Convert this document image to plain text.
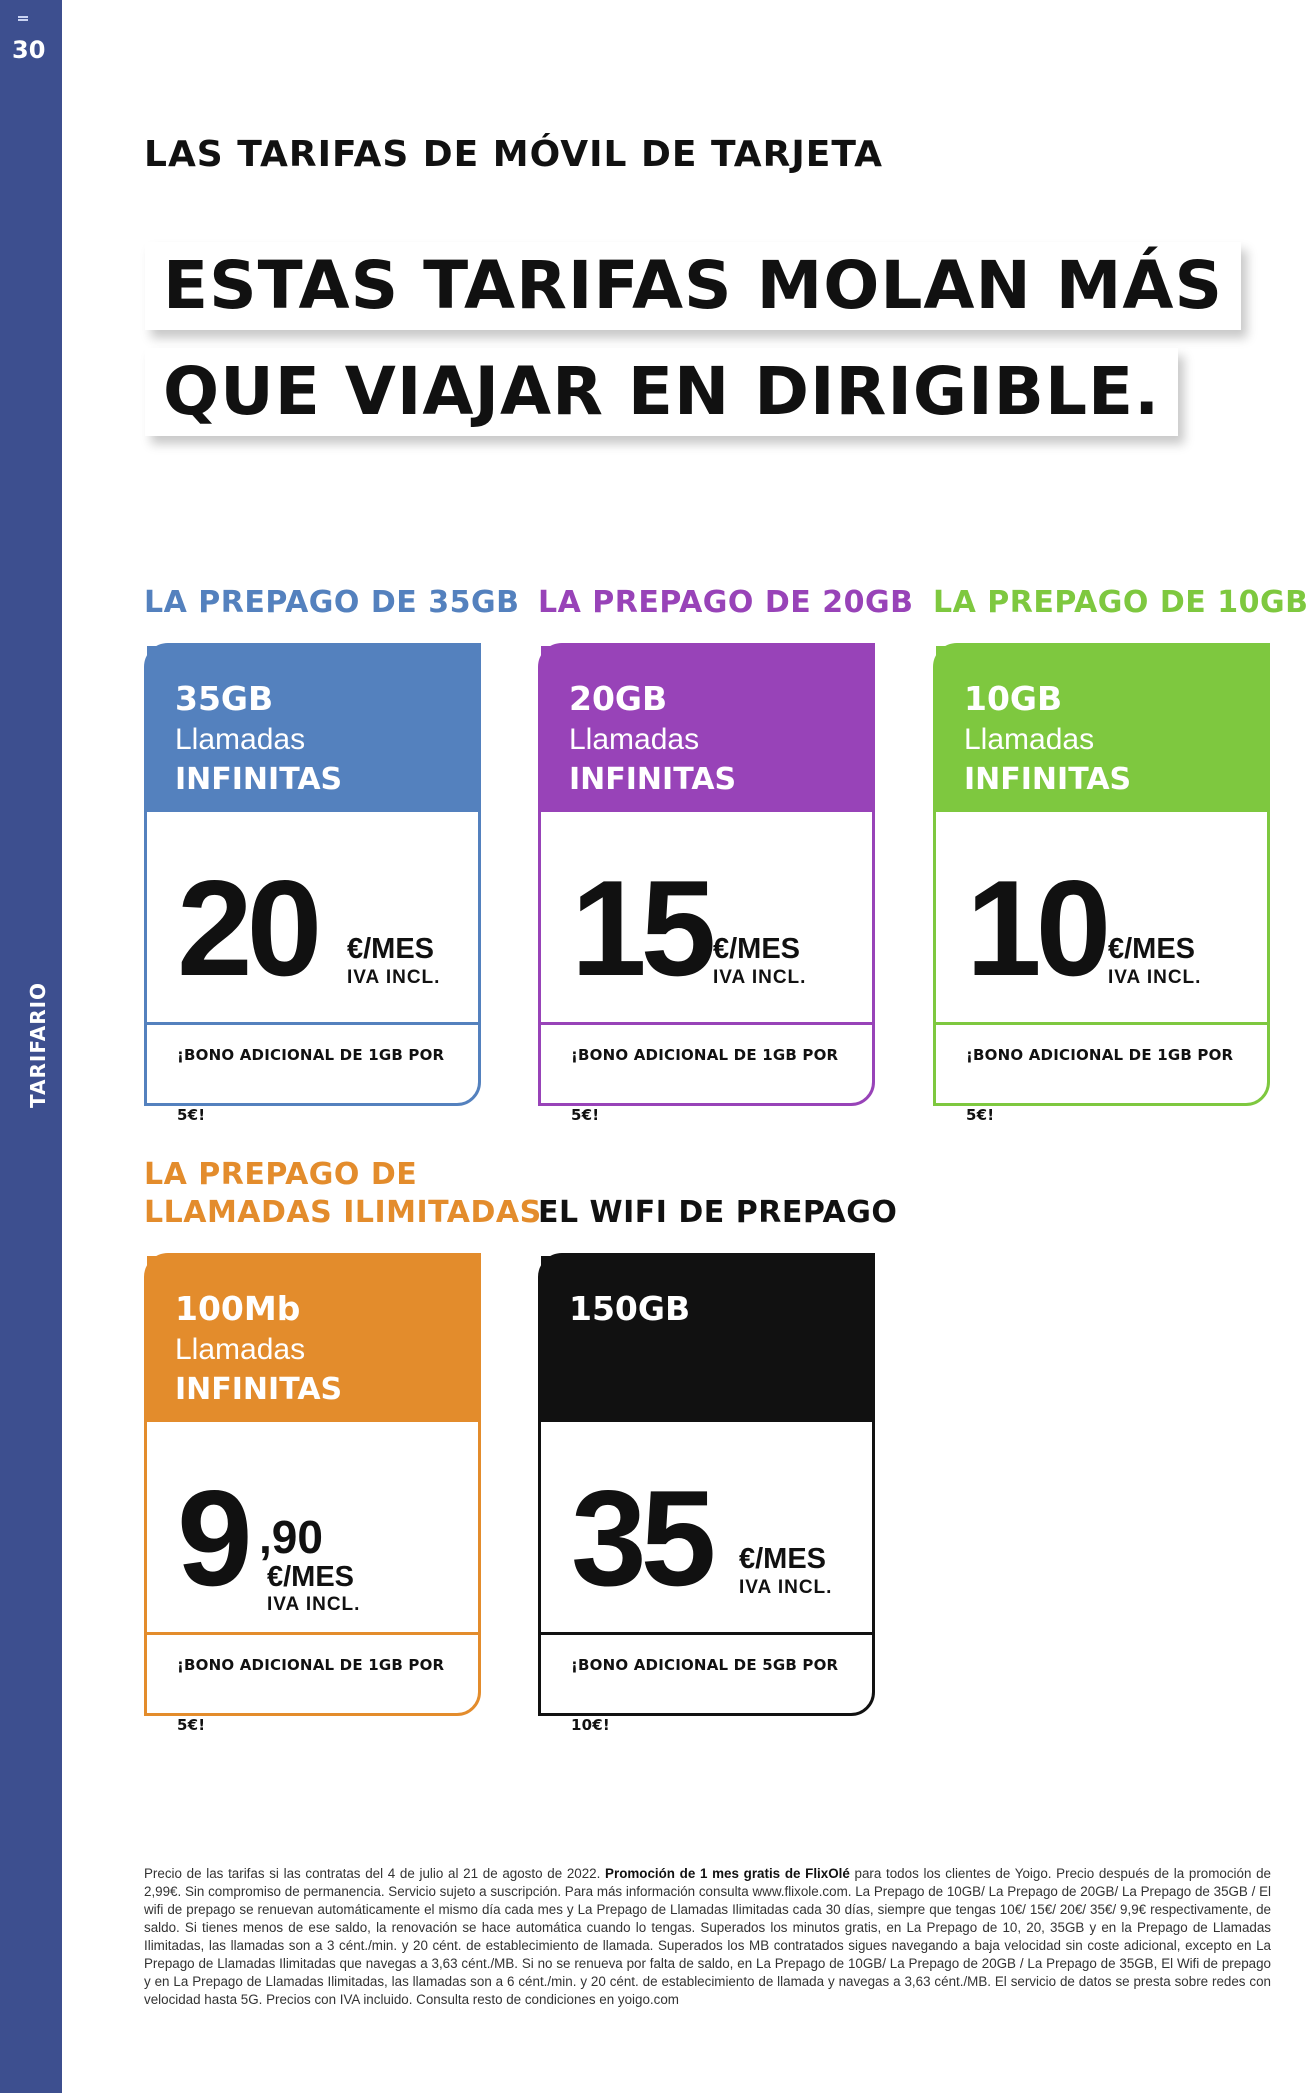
30
TARIFARIO
LAS TARIFAS DE MÓVIL DE TARJETA
ESTAS TARIFAS MOLAN MÁS
QUE VIAJAR EN DIRIGIBLE.
LA PREPAGO DE 35GB
35GB
Llamadas INFINITAS
20 €/MES
IVA INCL.
¡BONO ADICIONAL DE 1GB POR 5€!
LA PREPAGO DE 20GB
20GB
Llamadas INFINITAS
15 €/MES
IVA INCL.
¡BONO ADICIONAL DE 1GB POR 5€!
LA PREPAGO DE 10GB
10GB
Llamadas INFINITAS
10 €/MES
IVA INCL.
¡BONO ADICIONAL DE 1GB POR 5€!
LA PREPAGO DE
LLAMADAS ILIMITADAS
100Mb
Llamadas INFINITAS
9 ,90
€/MES
IVA INCL.
¡BONO ADICIONAL DE 1GB POR 5€!
EL WIFI DE PREPAGO
150GB
35 €/MES
IVA INCL.
¡BONO ADICIONAL DE 5GB POR 10€!
Precio de las tarifas si las contratas del 4 de julio al 21 de agosto de 2022. Promoción de 1 mes gratis de FlixOlé para todos los clientes de Yoigo. Precio después de la promoción de 2,99€. Sin compromiso de permanencia. Servicio sujeto a suscripción. Para más información consulta www.flixole.com. La Prepago de 10GB/ La Prepago de 20GB/ La Prepago de 35GB / El wifi de prepago se renuevan automáticamente el mismo día cada mes y La Prepago de Llamadas Ilimitadas cada 30 días, siempre que tengas 10€/ 15€/ 20€/ 35€/ 9,9€ respectivamente, de saldo. Si tienes menos de ese saldo, la renovación se hace automática cuando lo tengas. Superados los minutos gratis, en La Prepago de 10, 20, 35GB y en la Prepago de Llamadas Ilimitadas, las llamadas son a 3 cént./min. y 20 cént. de establecimiento de llamada. Superados los MB contratados sigues navegando a baja velocidad sin coste adicional, excepto en La Prepago de Llamadas Ilimitadas que navegas a 3,63 cént./MB. Si no se renueva por falta de saldo, en La Prepago de 10GB/ La Prepago de 20GB / La Prepago de 35GB, El Wifi de prepago y en La Prepago de Llamadas Ilimitadas, las llamadas son a 6 cént./min. y 20 cént. de establecimiento de llamada y navegas a 3,63 cént./MB. El servicio de datos se presta sobre redes con velocidad hasta 5G. Precios con IVA incluido. Consulta resto de condiciones en yoigo.com
